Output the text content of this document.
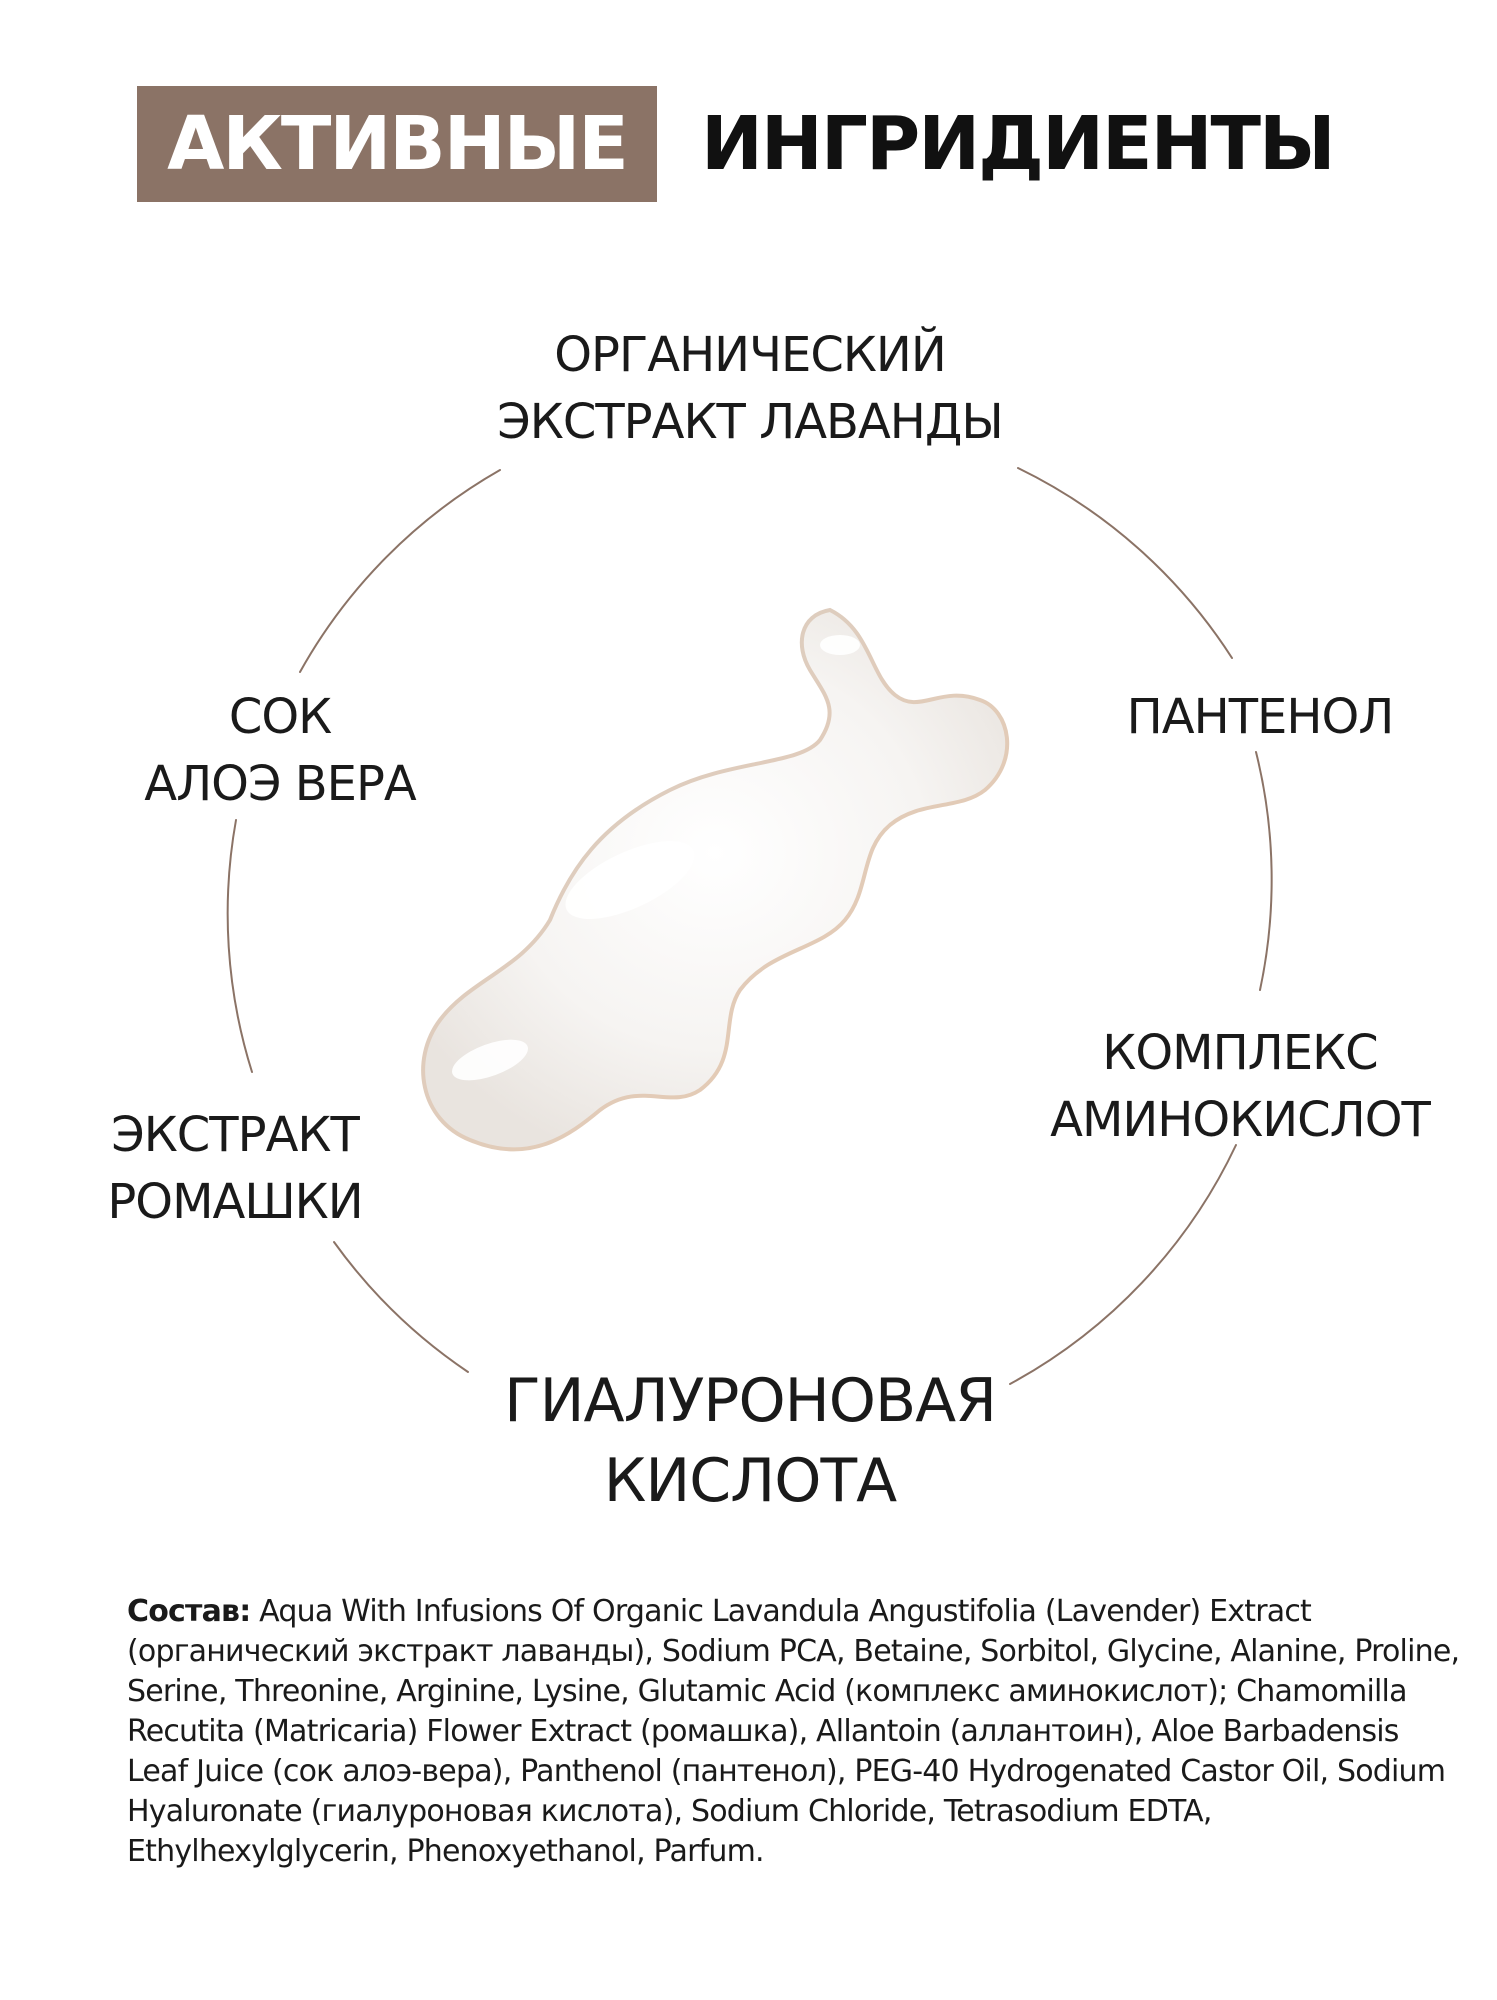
АКТИВНЫЕ	ИНГРИДИЕНТЫ
ОРГАНИЧЕСКИЙ
ЭКСТРАКТ ЛАВАНДЫ
СОК
АЛОЭ ВЕРА
ПАНТЕНОЛ
ЭКСТРАКТ
РОМАШКИ
КОМПЛЕКС
АМИНОКИСЛОТ
ГИАЛУРОНОВАЯ
КИСЛОТА
Состав: Aqua With Infusions Of Organic Lavandula Angustifolia (Lavender) Extract (органический экстракт лаванды), Sodium PCA, Betaine, Sorbitol, Glycine, Alanine, Proline, Serine, Threonine, Arginine, Lysine, Glutamic Acid (комплекс аминокислот); Chamomilla Recutita (Matricaria) Flower Extract (ромашка), Allantoin (аллантоин), Aloe Barbadensis Leaf Juice (сок алоэ-вера), Panthenol (пантенол), PEG-40 Hydrogenated Castor Oil, Sodium Hyaluronate (гиалуроновая кислота), Sodium Chloride, Tetrasodium EDTA, Ethylhexylglycerin, Phenoxyethanol, Parfum.
